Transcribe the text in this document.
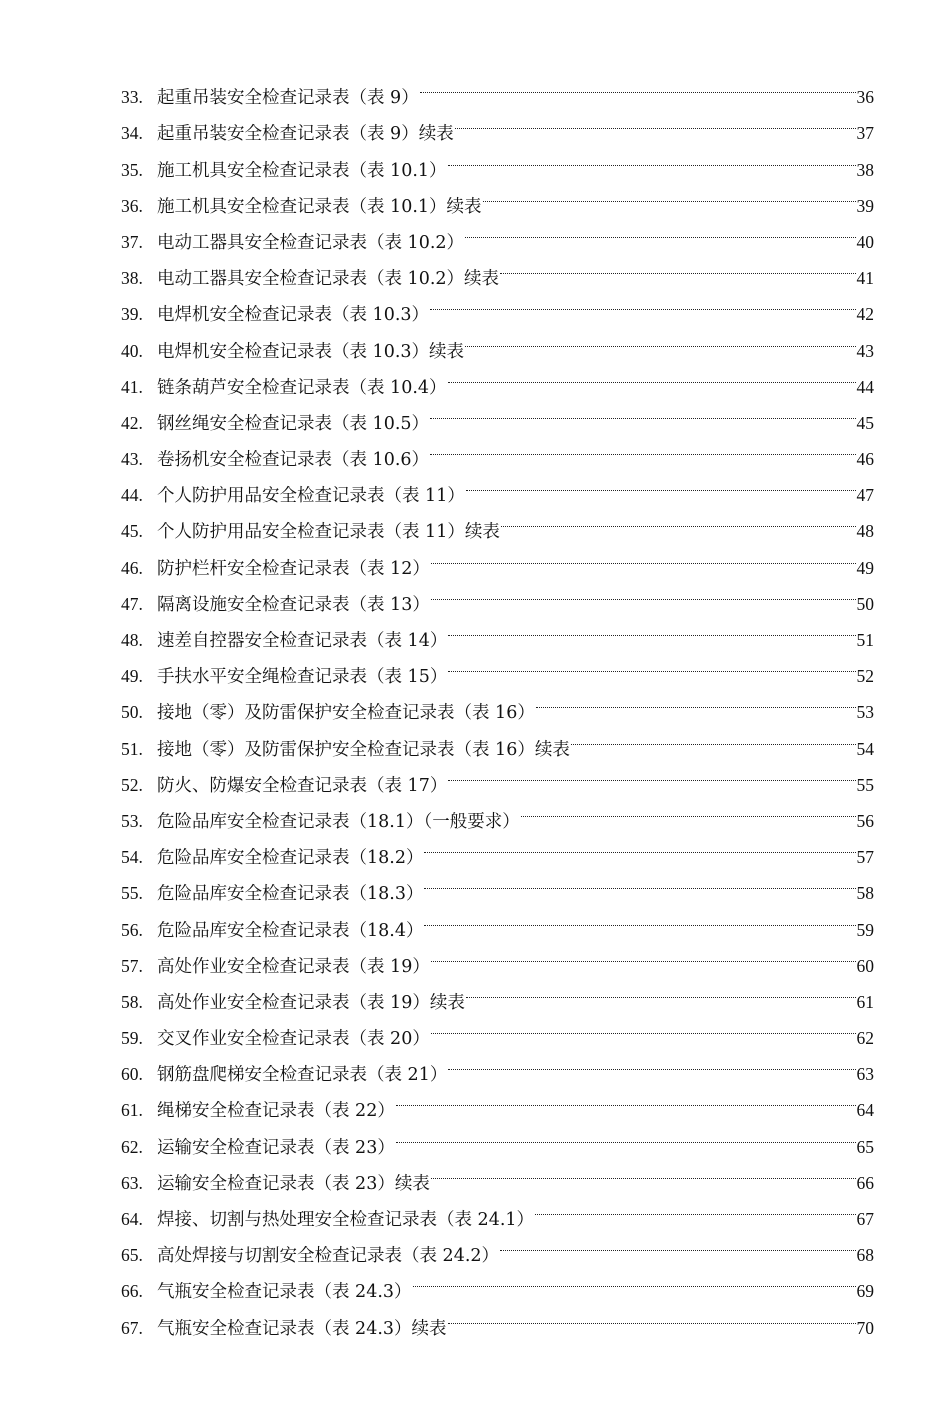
33. 起重吊装安全检查记录表（表 9）	36
34. 起重吊装安全检查记录表（表 9）续表	37
35. 施工机具安全检查记录表（表 10.1）	38
36. 施工机具安全检查记录表（表 10.1）续表	39
37. 电动工器具安全检查记录表（表 10.2）	40
38. 电动工器具安全检查记录表（表 10.2）续表	41
39. 电焊机安全检查记录表（表 10.3）	42
40. 电焊机安全检查记录表（表 10.3）续表	43
41. 链条葫芦安全检查记录表（表 10.4）	44
42. 钢丝绳安全检查记录表（表 10.5）	45
43. 卷扬机安全检查记录表（表 10.6）	46
44. 个人防护用品安全检查记录表（表 11）	47
45. 个人防护用品安全检查记录表（表 11）续表	48
46. 防护栏杆安全检查记录表（表 12）	49
47. 隔离设施安全检查记录表（表 13）	50
48. 速差自控器安全检查记录表（表 14）	51
49. 手扶水平安全绳检查记录表（表 15）	52
50. 接地（零）及防雷保护安全检查记录表（表 16）	53
51. 接地（零）及防雷保护安全检查记录表（表 16）续表	54
52. 防火、防爆安全检查记录表（表 17）	55
53. 危险品库安全检查记录表（18.1）（一般要求）	56
54. 危险品库安全检查记录表（18.2）	57
55. 危险品库安全检查记录表（18.3）	58
56. 危险品库安全检查记录表（18.4）	59
57. 高处作业安全检查记录表（表 19）	60
58. 高处作业安全检查记录表（表 19）续表	61
59. 交叉作业安全检查记录表（表 20）	62
60. 钢筋盘爬梯安全检查记录表（表 21）	63
61. 绳梯安全检查记录表（表 22）	64
62. 运输安全检查记录表（表 23）	65
63. 运输安全检查记录表（表 23）续表	66
64. 焊接、切割与热处理安全检查记录表（表 24.1）	67
65. 高处焊接与切割安全检查记录表（表 24.2）	68
66. 气瓶安全检查记录表（表 24.3）	69
67. 气瓶安全检查记录表（表 24.3）续表	70
